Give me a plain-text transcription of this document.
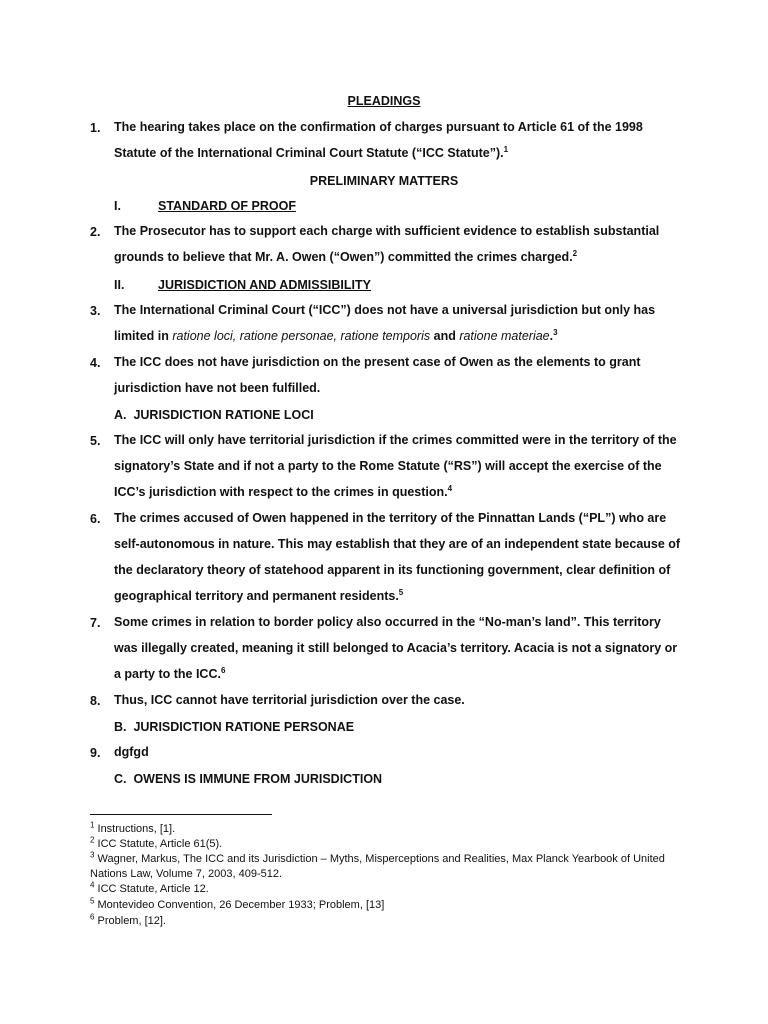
PLEADINGS
1. The hearing takes place on the confirmation of charges pursuant to Article 61 of the 1998 Statute of the International Criminal Court Statute (“ICC Statute”).$^1$
PRELIMINARY MATTERS
I.	STANDARD OF PROOF
2. The Prosecutor has to support each charge with sufficient evidence to establish substantial grounds to believe that Mr. A. Owen (“Owen”) committed the crimes charged.$^2$
II.	JURISDICTION AND ADMISSIBILITY
3. The International Criminal Court (“ICC”) does not have a universal jurisdiction but only has limited in ratione loci, ratione personae, ratione temporis and ratione materiae.$^3$
4. The ICC does not have jurisdiction on the present case of Owen as the elements to grant jurisdiction have not been fulfilled.
A. JURISDICTION RATIONE LOCI
5. The ICC will only have territorial jurisdiction if the crimes committed were in the territory of the signatory’s State and if not a party to the Rome Statute (“RS”) will accept the exercise of the ICC’s jurisdiction with respect to the crimes in question.$^4$
6. The crimes accused of Owen happened in the territory of the Pinnattan Lands (“PL”) who are self-autonomous in nature. This may establish that they are of an independent state because of the declaratory theory of statehood apparent in its functioning government, clear definition of geographical territory and permanent residents.$^5$
7. Some crimes in relation to border policy also occurred in the “No-man’s land”. This territory was illegally created, meaning it still belonged to Acacia’s territory. Acacia is not a signatory or a party to the ICC.$^6$
8. Thus, ICC cannot have territorial jurisdiction over the case.
B. JURISDICTION RATIONE PERSONAE
9. dgfgd
C. OWENS IS IMMUNE FROM JURISDICTION
$^1$ Instructions, [1].
$^2$ ICC Statute, Article 61(5).
$^3$ Wagner, Markus, The ICC and its Jurisdiction – Myths, Misperceptions and Realities, Max Planck Yearbook of United Nations Law, Volume 7, 2003, 409-512.
$^4$ ICC Statute, Article 12.
$^5$ Montevideo Convention, 26 December 1933; Problem, [13]
$^6$ Problem, [12].
